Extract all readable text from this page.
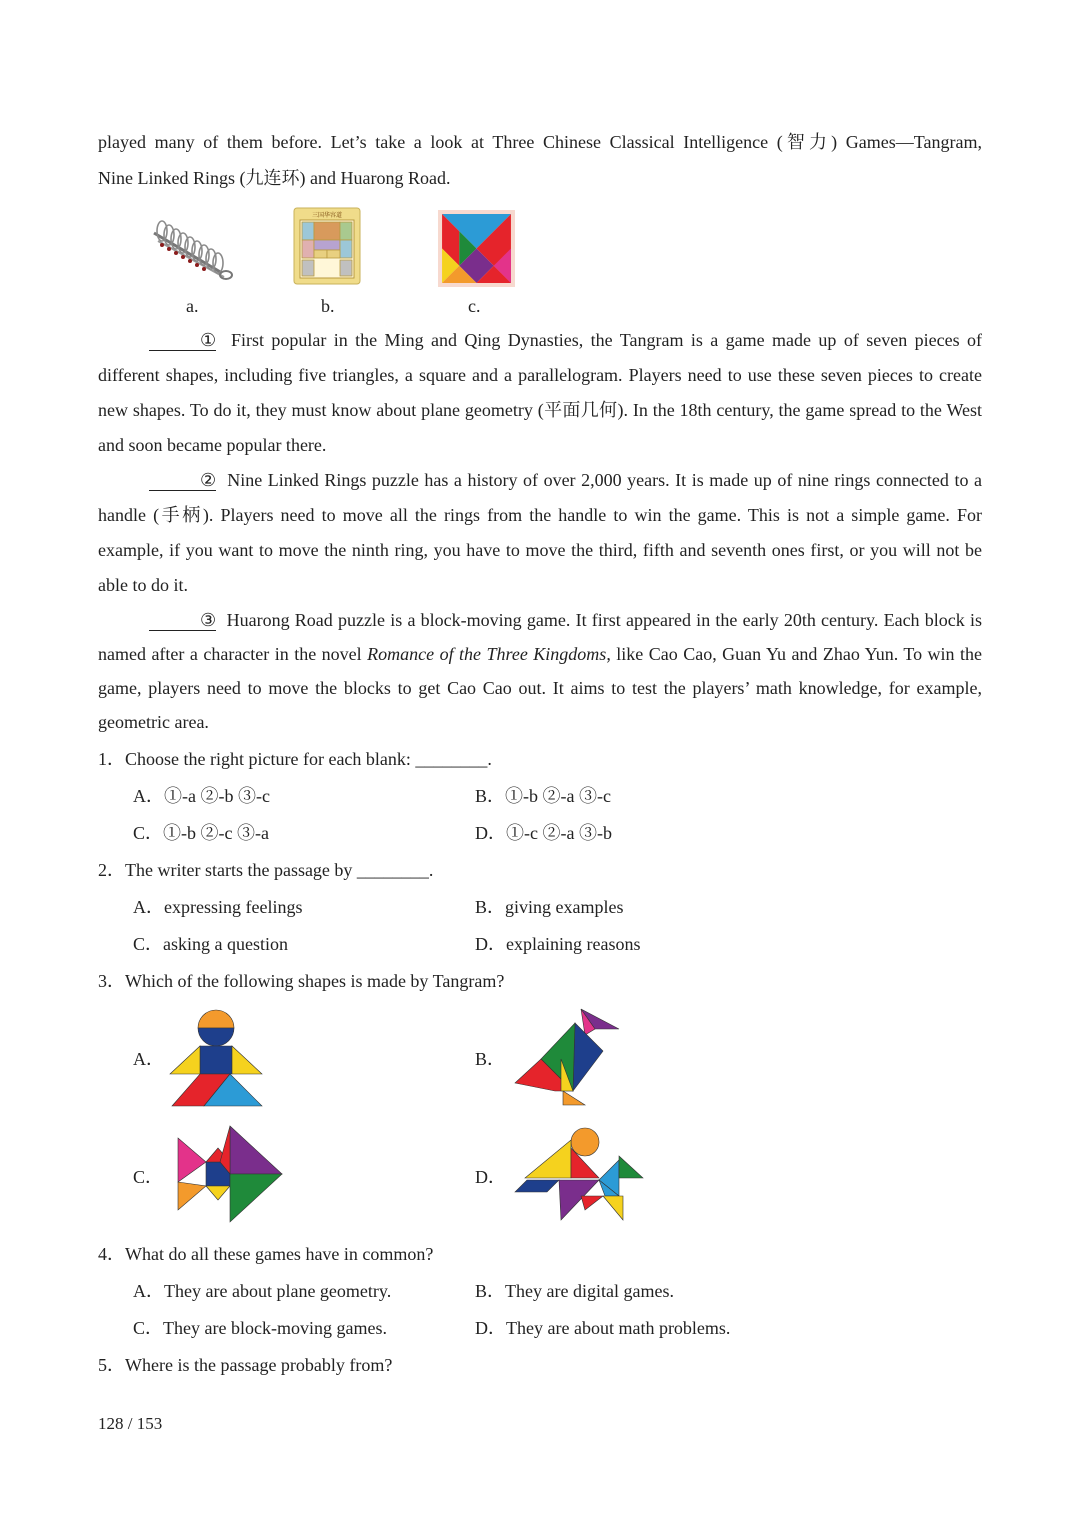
played many of them before. Let’s take a look at Three Chinese Classical Intelligence (智力) Games—Tangram,
Nine Linked Rings (九连环) and Huarong Road.
a.
三国华容道
b.	c.
① First popular in the Ming and Qing Dynasties, the Tangram is a game made up of seven pieces of different shapes, including five triangles, a square and a parallelogram. Players need to use these seven pieces to create new shapes. To do it, they must know about plane geometry (平面几何). In the 18th century, the game spread to the West and soon became popular there.
② Nine Linked Rings puzzle has a history of over 2,000 years. It is made up of nine rings connected to a handle (手柄). Players need to move all the rings from the handle to win the game. This is not a simple game. For example, if you want to move the ninth ring, you have to move the third, fifth and seventh ones first, or you will not be able to do it.
③ Huarong Road puzzle is a block-moving game. It first appeared in the early 20th century. Each block is named after a character in the novel Romance of the Three Kingdoms, like Cao Cao, Guan Yu and Zhao Yun. To win the game, players need to move the blocks to get Cao Cao out. It aims to test the players’ math knowledge, for example, geometric area.
1．Choose the right picture for each blank: ________.
A．①-a ②-b ③-c	B．①-b ②-a ③-c
C．①-b ②-c ③-a	D．①-c ②-a ③-b
2．The writer starts the passage by ________.
A．expressing feelings	B．giving examples
C．asking a question	D．explaining reasons
3．Which of the following shapes is made by Tangram?
A．	B．
C．	D．
4．What do all these games have in common?
A．They are about plane geometry.	B．They are digital games.
C．They are block-moving games.	D．They are about math problems.
5．Where is the passage probably from?
128 / 153
